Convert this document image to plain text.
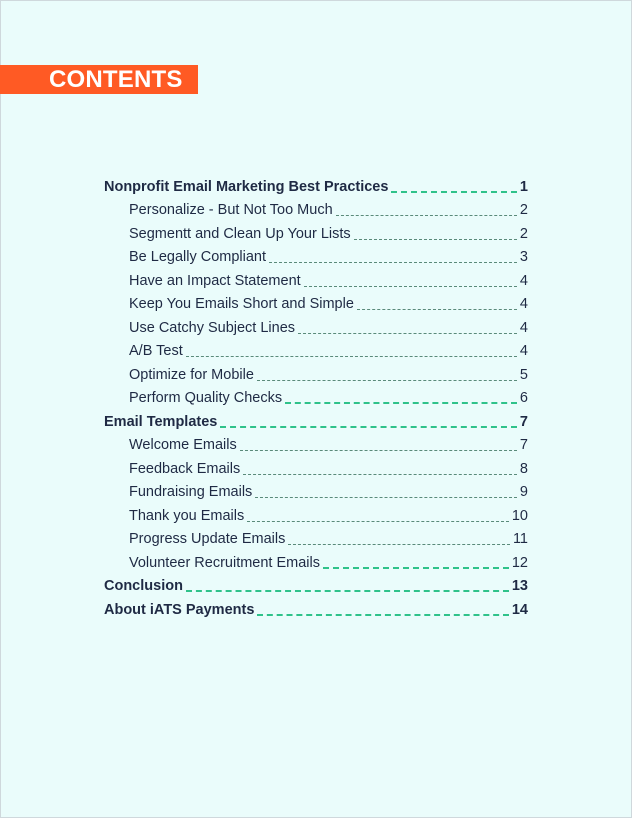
CONTENTS
Nonprofit Email Marketing Best Practices	1
Personalize - But Not Too Much	2
Segmentt and Clean Up Your Lists	2
Be Legally Compliant	3
Have an Impact Statement	4
Keep You Emails Short and Simple	4
Use Catchy Subject Lines	4
A/B Test	4
Optimize for Mobile	5
Perform Quality Checks	6
Email Templates	7
Welcome Emails	7
Feedback Emails	8
Fundraising Emails	9
Thank you Emails	10
Progress Update Emails	11
Volunteer Recruitment Emails	12
Conclusion	13
About iATS Payments	14
